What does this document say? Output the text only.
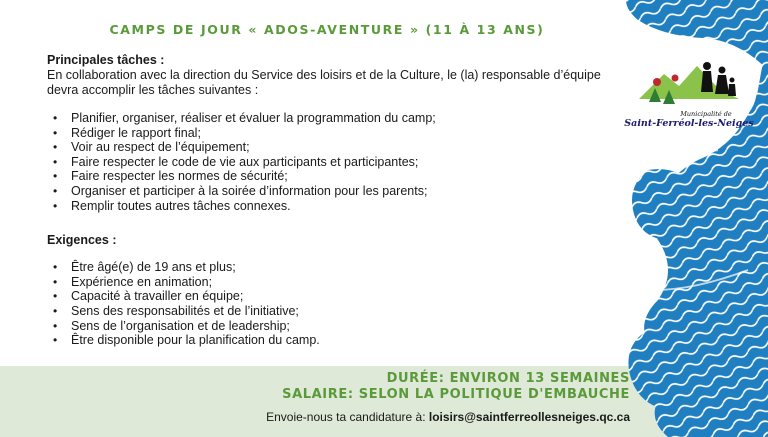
CAMPS DE JOUR « ADOS-AVENTURE » (11 À 13 ANS)
Principales tâches :
En collaboration avec la direction du Service des loisirs et de la Culture, le (la) responsable d’équipe devra accomplir les tâches suivantes :
• Planifier, organiser, réaliser et évaluer la programmation du camp;
• Rédiger le rapport final;
• Voir au respect de l’équipement;
• Faire respecter le code de vie aux participants et participantes;
• Faire respecter les normes de sécurité;
• Organiser et participer à la soirée d’information pour les parents;
• Remplir toutes autres tâches connexes.
Exigences :
• Être âgé(e) de 19 ans et plus;
• Expérience en animation;
• Capacité à travailler en équipe;
• Sens des responsabilités et de l’initiative;
• Sens de l’organisation et de leadership;
• Être disponible pour la planification du camp.
DURÉE: ENVIRON 13 SEMAINES
SALAIRE: SELON LA POLITIQUE D'EMBAUCHE
Envoie-nous ta candidature à: loisirs@saintferreollesneiges.qc.ca
Municipalité de
Saint-Ferréol-les-Neiges
